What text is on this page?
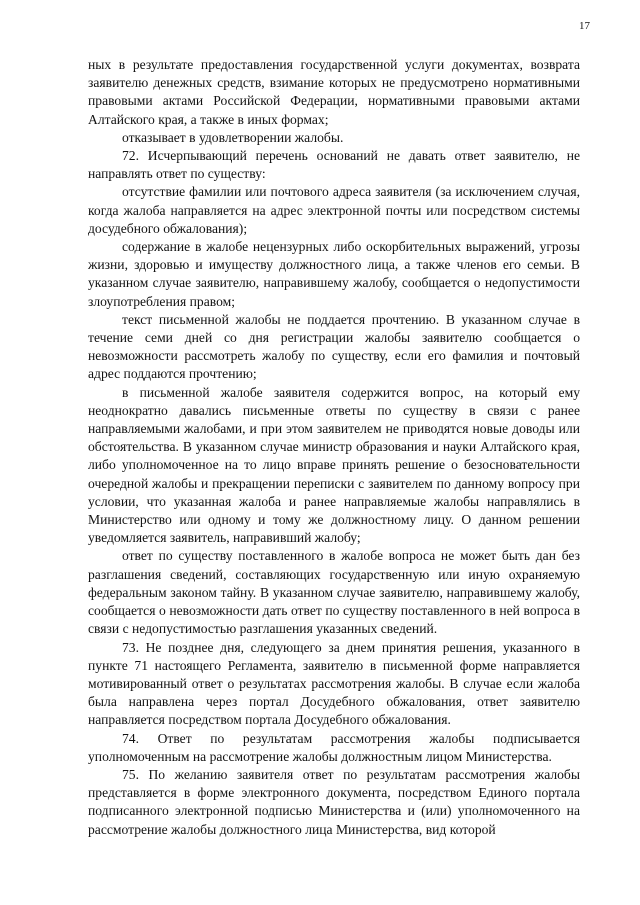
17

ных в результате предоставления государственной услуги документах, возврата заявителю денежных средств, взимание которых не предусмотрено нормативными правовыми актами Российской Федерации, нормативными правовыми актами Алтайского края, а также в иных формах;

отказывает в удовлетворении жалобы.

72. Исчерпывающий перечень оснований не давать ответ заявителю, не направлять ответ по существу:

отсутствие фамилии или почтового адреса заявителя (за исключением случая, когда жалоба направляется на адрес электронной почты или посредством системы досудебного обжалования);

содержание в жалобе нецензурных либо оскорбительных выражений, угрозы жизни, здоровью и имуществу должностного лица, а также членов его семьи. В указанном случае заявителю, направившему жалобу, сообщается о недопустимости злоупотребления правом;

текст письменной жалобы не поддается прочтению. В указанном случае в течение семи дней со дня регистрации жалобы заявителю сообщается о невозможности рассмотреть жалобу по существу, если его фамилия и почтовый адрес поддаются прочтению;

в письменной жалобе заявителя содержится вопрос, на который ему неоднократно давались письменные ответы по существу в связи с ранее направляемыми жалобами, и при этом заявителем не приводятся новые доводы или обстоятельства. В указанном случае министр образования и науки Алтайского края, либо уполномоченное на то лицо вправе принять решение о безосновательности очередной жалобы и прекращении переписки с заявителем по данному вопросу при условии, что указанная жалоба и ранее направляемые жалобы направлялись в Министерство или одному и тому же должностному лицу. О данном решении уведомляется заявитель, направивший жалобу;

ответ по существу поставленного в жалобе вопроса не может быть дан без разглашения сведений, составляющих государственную или иную охраняемую федеральным законом тайну. В указанном случае заявителю, направившему жалобу, сообщается о невозможности дать ответ по существу поставленного в ней вопроса в связи с недопустимостью разглашения указанных сведений.

73. Не позднее дня, следующего за днем принятия решения, указанного в пункте 71 настоящего Регламента, заявителю в письменной форме направляется мотивированный ответ о результатах рассмотрения жалобы. В случае если жалоба была направлена через портал Досудебного обжалования, ответ заявителю направляется посредством портала Досудебного обжалования.

74. Ответ по результатам рассмотрения жалобы подписывается уполномоченным на рассмотрение жалобы должностным лицом Министерства.

75. По желанию заявителя ответ по результатам рассмотрения жалобы представляется в форме электронного документа, посредством Единого портала подписанного электронной подписью Министерства и (или) уполномоченного на рассмотрение жалобы должностного лица Министерства, вид которой
